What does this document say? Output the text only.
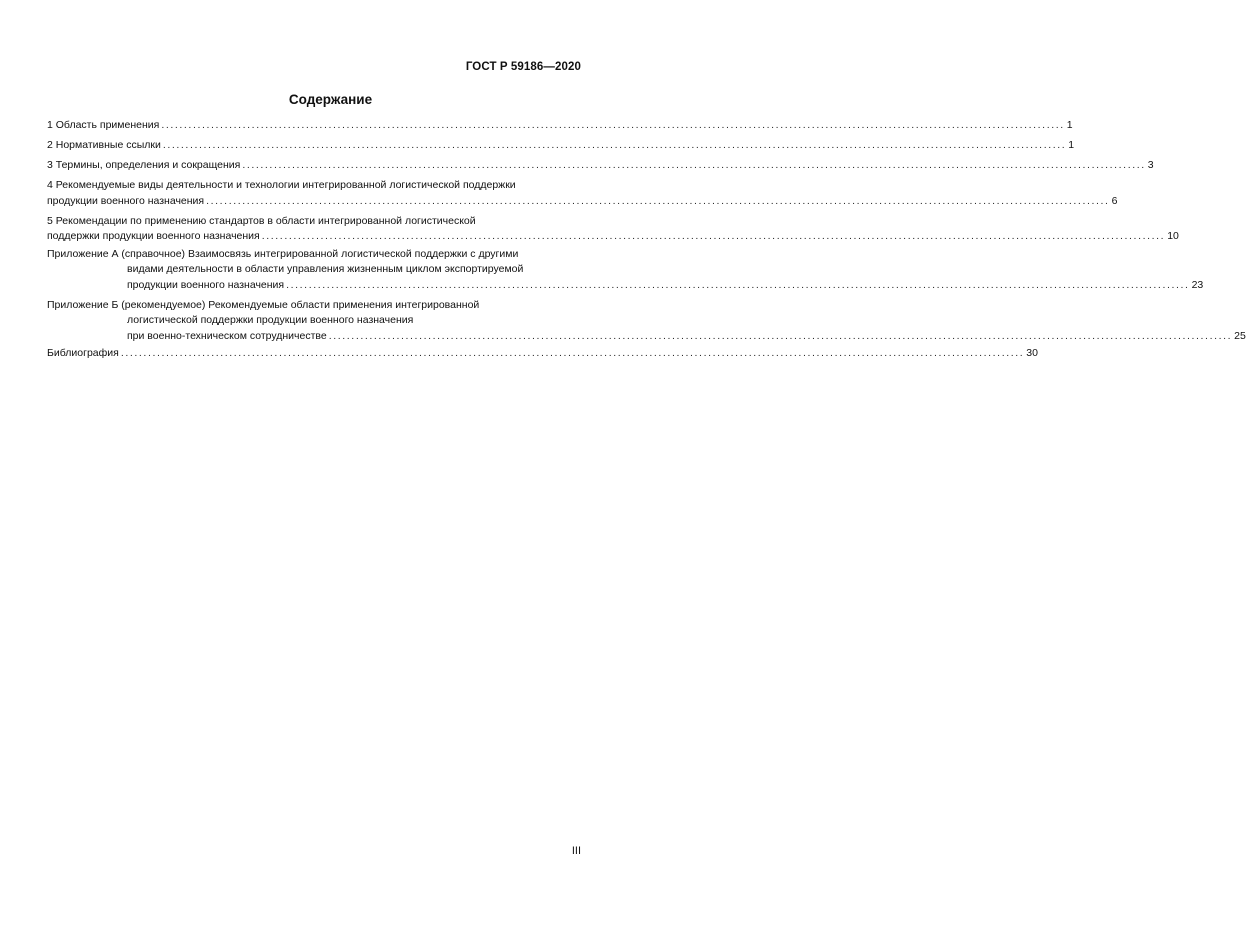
ГОСТ Р 59186—2020
Содержание
1 Область применения ........................................................................................................................................................................................................ 1
2 Нормативные ссылки ........................................................................................................................................................................................................ 1
3 Термины, определения и сокращения ........................................................................................................................................................................................................ 3
4 Рекомендуемые виды деятельности и технологии интегрированной логистической поддержки
продукции военного назначения ........................................................................................................................................................................................................ 6
5 Рекомендации по применению стандартов в области интегрированной логистической
поддержки продукции военного назначения ........................................................................................................................................................................................................ 10
Приложение А (справочное) Взаимосвязь интегрированной логистической поддержки с другими
видами деятельности в области управления жизненным циклом экспортируемой
продукции военного назначения ........................................................................................................................................................................................................ 23
Приложение Б (рекомендуемое) Рекомендуемые области применения интегрированной
логистической поддержки продукции военного назначения
при военно-техническом сотрудничестве ........................................................................................................................................................................................................ 25
Библиография ........................................................................................................................................................................................................ 30
III
